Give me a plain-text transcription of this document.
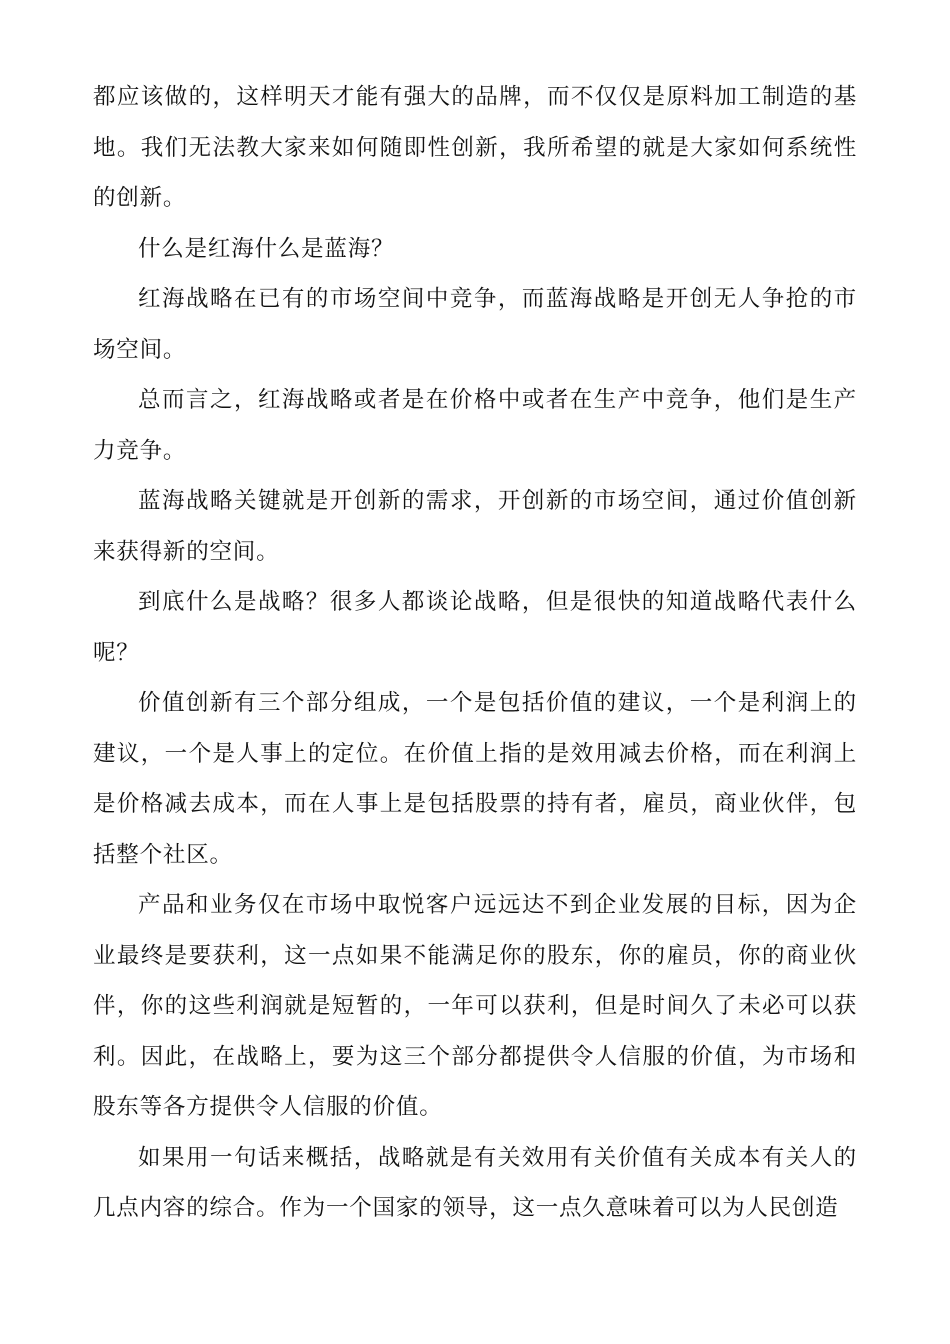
都应该做的，这样明天才能有强大的品牌，而不仅仅是原料加工制造的基地。我们无法教大家来如何随即性创新，我所希望的就是大家如何系统性的创新。

什么是红海什么是蓝海？

红海战略在已有的市场空间中竞争，而蓝海战略是开创无人争抢的市场空间。

总而言之，红海战略或者是在价格中或者在生产中竞争，他们是生产力竞争。

蓝海战略关键就是开创新的需求，开创新的市场空间，通过价值创新来获得新的空间。

到底什么是战略？很多人都谈论战略，但是很快的知道战略代表什么呢？

价值创新有三个部分组成，一个是包括价值的建议，一个是利润上的建议，一个是人事上的定位。在价值上指的是效用减去价格，而在利润上是价格减去成本，而在人事上是包括股票的持有者，雇员，商业伙伴，包括整个社区。

产品和业务仅在市场中取悦客户远远达不到企业发展的目标，因为企业最终是要获利，这一点如果不能满足你的股东，你的雇员，你的商业伙伴，你的这些利润就是短暂的，一年可以获利，但是时间久了未必可以获利。因此，在战略上，要为这三个部分都提供令人信服的价值，为市场和股东等各方提供令人信服的价值。

如果用一句话来概括，战略就是有关效用有关价值有关成本有关人的几点内容的综合。作为一个国家的领导，这一点久意味着可以为人民创造
